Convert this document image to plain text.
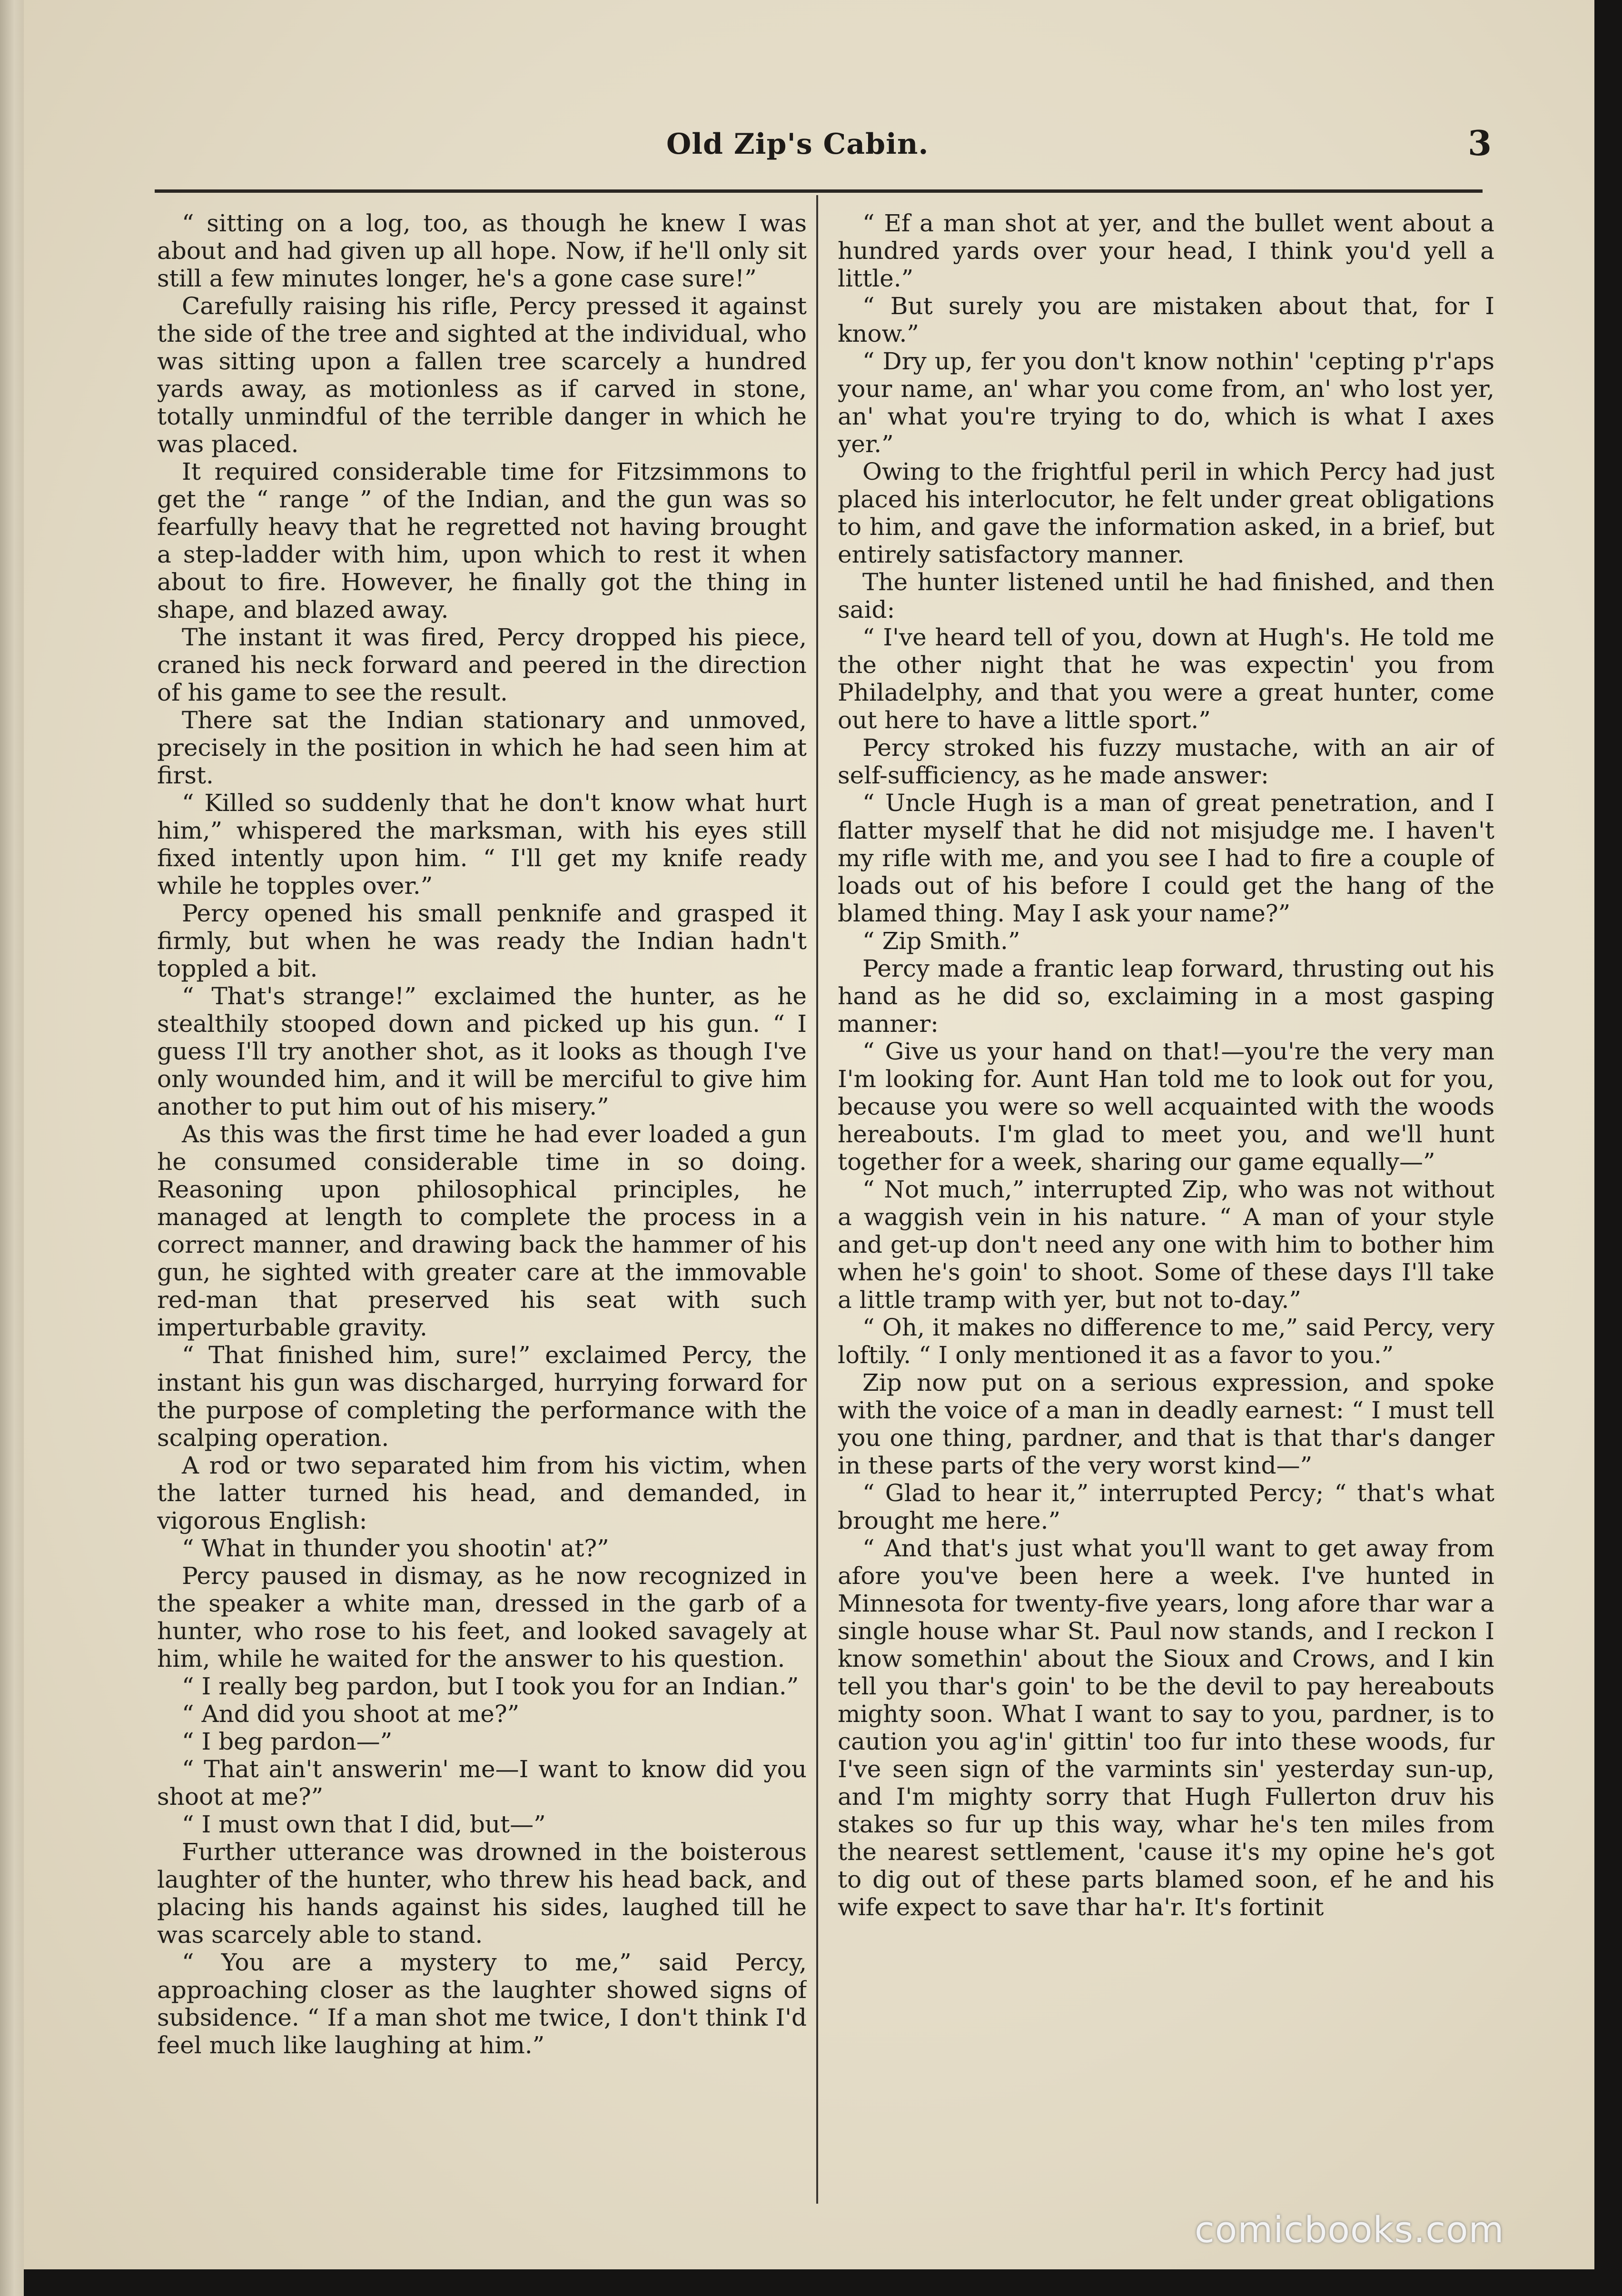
Old Zip's Cabin.	3

“ sitting on a log, too, as though he knew I was about and had given up all hope. Now, if he'll only sit still a few minutes longer, he's a gone case sure!”

Carefully raising his rifle, Percy pressed it against the side of the tree and sighted at the individual, who was sitting upon a fallen tree scarcely a hundred yards away, as motionless as if carved in stone, totally unmindful of the terrible danger in which he was placed.

It required considerable time for Fitzsimmons to get the “ range ” of the Indian, and the gun was so fearfully heavy that he regretted not having brought a step-ladder with him, upon which to rest it when about to fire. However, he finally got the thing in shape, and blazed away.

The instant it was fired, Percy dropped his piece, craned his neck forward and peered in the direction of his game to see the result.

There sat the Indian stationary and unmoved, precisely in the position in which he had seen him at first.

“ Killed so suddenly that he don't know what hurt him,” whispered the marksman, with his eyes still fixed intently upon him. “ I'll get my knife ready while he topples over.”

Percy opened his small penknife and grasped it firmly, but when he was ready the Indian hadn't toppled a bit.

“ That's strange!” exclaimed the hunter, as he stealthily stooped down and picked up his gun. “ I guess I'll try another shot, as it looks as though I've only wounded him, and it will be merciful to give him another to put him out of his misery.”

As this was the first time he had ever loaded a gun he consumed considerable time in so doing. Reasoning upon philosophical principles, he managed at length to complete the process in a correct manner, and drawing back the hammer of his gun, he sighted with greater care at the immovable red-man that preserved his seat with such imperturbable gravity.

“ That finished him, sure!” exclaimed Percy, the instant his gun was discharged, hurrying forward for the purpose of completing the performance with the scalping operation.

A rod or two separated him from his victim, when the latter turned his head, and demanded, in vigorous English:

“ What in thunder you shootin' at?”

Percy paused in dismay, as he now recognized in the speaker a white man, dressed in the garb of a hunter, who rose to his feet, and looked savagely at him, while he waited for the answer to his question.

“ I really beg pardon, but I took you for an Indian.”

“ And did you shoot at me?”

“ I beg pardon—”

“ That ain't answerin' me—I want to know did you shoot at me?”

“ I must own that I did, but—”

Further utterance was drowned in the boisterous laughter of the hunter, who threw his head back, and placing his hands against his sides, laughed till he was scarcely able to stand.

“ You are a mystery to me,” said Percy, approaching closer as the laughter showed signs of subsidence. “ If a man shot me twice, I don't think I'd feel much like laughing at him.”

“ Ef a man shot at yer, and the bullet went about a hundred yards over your head, I think you'd yell a little.”

“ But surely you are mistaken about that, for I know.”

“ Dry up, fer you don't know nothin' 'cepting p'r'aps your name, an' whar you come from, an' who lost yer, an' what you're trying to do, which is what I axes yer.”

Owing to the frightful peril in which Percy had just placed his interlocutor, he felt under great obligations to him, and gave the information asked, in a brief, but entirely satisfactory manner.

The hunter listened until he had finished, and then said:

“ I've heard tell of you, down at Hugh's. He told me the other night that he was expectin' you from Philadelphy, and that you were a great hunter, come out here to have a little sport.”

Percy stroked his fuzzy mustache, with an air of self-sufficiency, as he made answer:

“ Uncle Hugh is a man of great penetration, and I flatter myself that he did not misjudge me. I haven't my rifle with me, and you see I had to fire a couple of loads out of his before I could get the hang of the blamed thing. May I ask your name?”

“ Zip Smith.”

Percy made a frantic leap forward, thrusting out his hand as he did so, exclaiming in a most gasping manner:

“ Give us your hand on that!—you're the very man I'm looking for. Aunt Han told me to look out for you, because you were so well acquainted with the woods hereabouts. I'm glad to meet you, and we'll hunt together for a week, sharing our game equally—”

“ Not much,” interrupted Zip, who was not without a waggish vein in his nature. “ A man of your style and get-up don't need any one with him to bother him when he's goin' to shoot. Some of these days I'll take a little tramp with yer, but not to-day.”

“ Oh, it makes no difference to me,” said Percy, very loftily. “ I only mentioned it as a favor to you.”

Zip now put on a serious expression, and spoke with the voice of a man in deadly earnest: “ I must tell you one thing, pardner, and that is that thar's danger in these parts of the very worst kind—”

“ Glad to hear it,” interrupted Percy; “ that's what brought me here.”

“ And that's just what you'll want to get away from afore you've been here a week. I've hunted in Minnesota for twenty-five years, long afore thar war a single house whar St. Paul now stands, and I reckon I know somethin' about the Sioux and Crows, and I kin tell you thar's goin' to be the devil to pay hereabouts mighty soon. What I want to say to you, pardner, is to caution you ag'in' gittin' too fur into these woods, fur I've seen sign of the varmints sin' yesterday sun-up, and I'm mighty sorry that Hugh Fullerton druv his stakes so fur up this way, whar he's ten miles from the nearest settlement, 'cause it's my opine he's got to dig out of these parts blamed soon, ef he and his wife expect to save thar ha'r. It's fortinit

comicbooks.com
